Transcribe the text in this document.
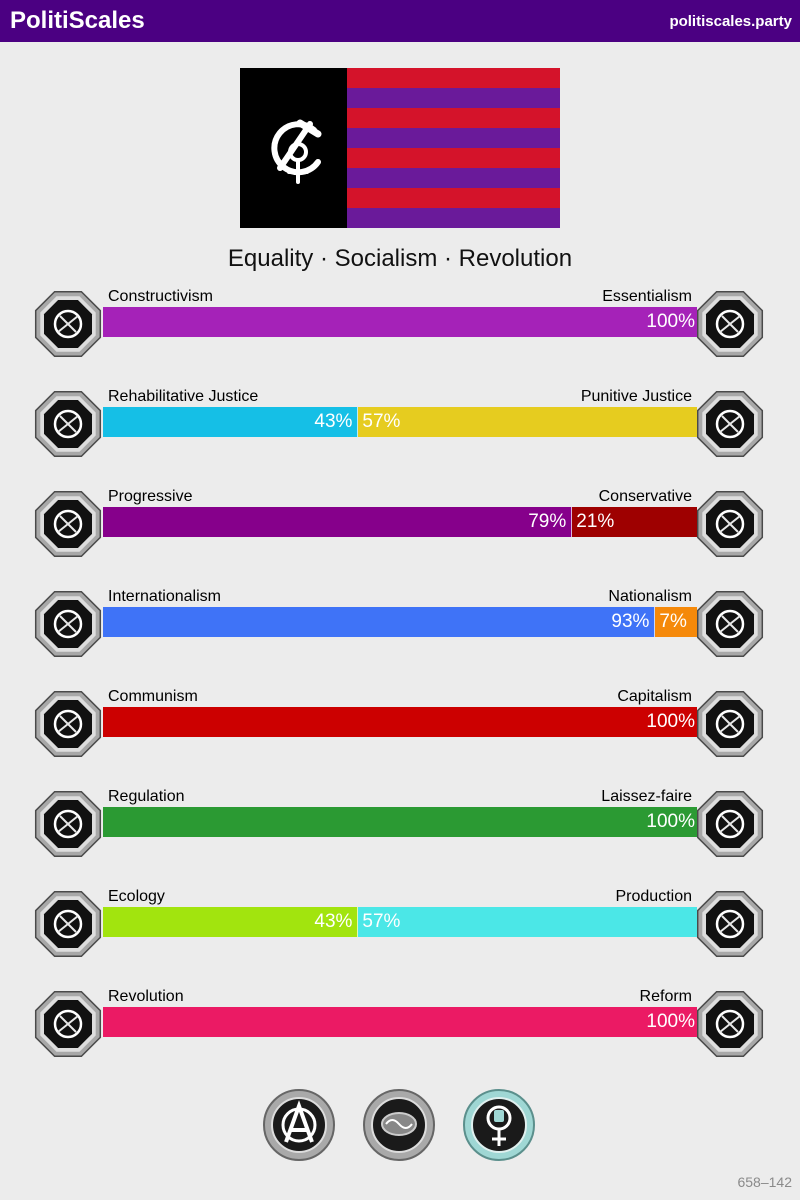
PolitiScales	politiscales.party
Equality · Socialism · Revolution
Constructivism	Essentialism
100%
Rehabilitative Justice	Punitive Justice
43% 57%
Progressive	Conservative
79% 21%
Internationalism	Nationalism
93% 7%
Communism	Capitalism
100%
Regulation	Laissez-faire
100%
Ecology	Production
43% 57%
Revolution	Reform
100%
658–142
